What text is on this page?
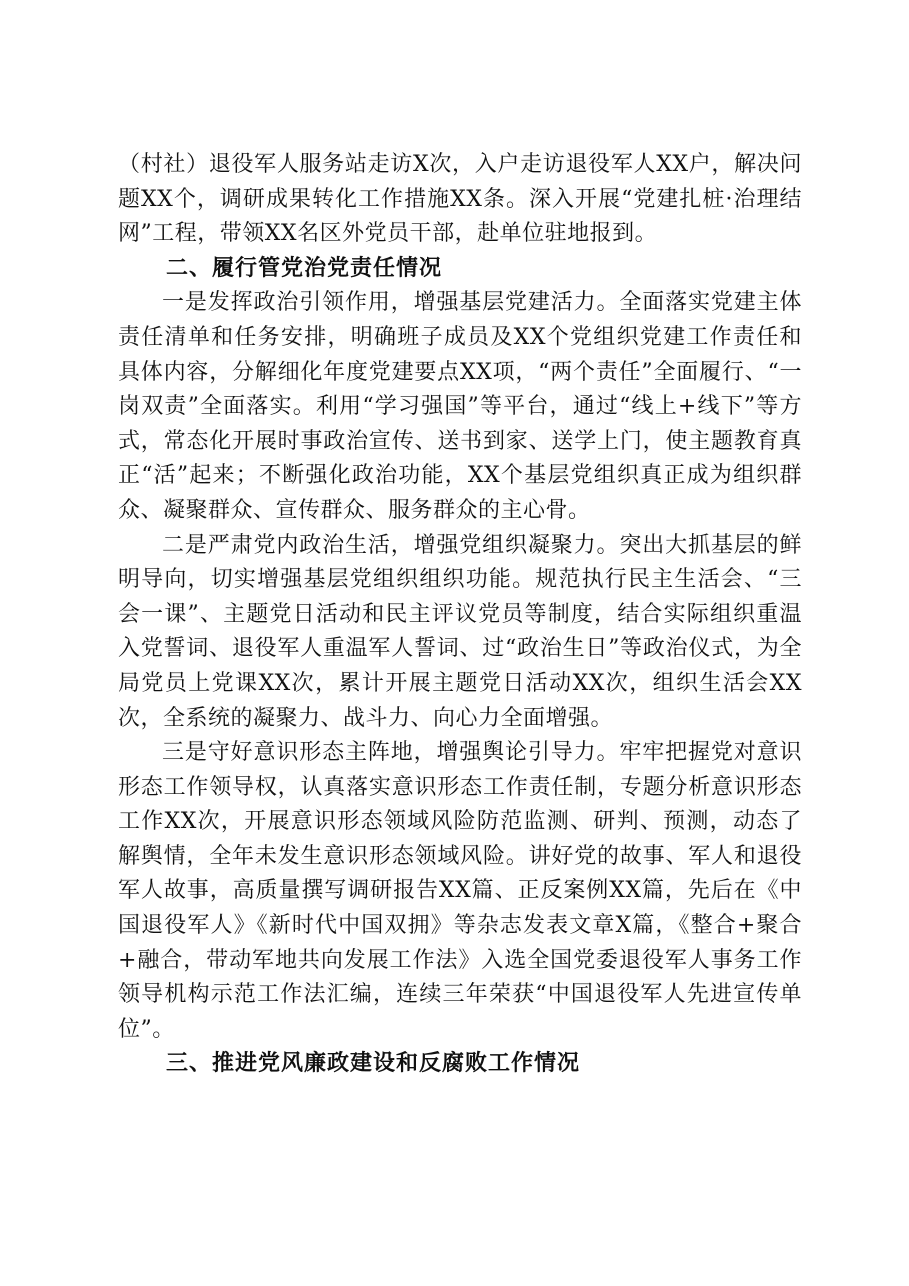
（村社）退役军人服务站走访X次，入户走访退役军人XX户，解决问题XX个，调研成果转化工作措施XX条。深入开展“党建扎桩·治理结网”工程，带领XX名区外党员干部，赴单位驻地报到。

二、履行管党治党责任情况

一是发挥政治引领作用，增强基层党建活力。全面落实党建主体责任清单和任务安排，明确班子成员及XX个党组织党建工作责任和具体内容，分解细化年度党建要点XX项，“两个责任”全面履行、“一岗双责”全面落实。利用“学习强国”等平台，通过“线上+线下”等方式，常态化开展时事政治宣传、送书到家、送学上门，使主题教育真正“活”起来；不断强化政治功能，XX个基层党组织真正成为组织群众、凝聚群众、宣传群众、服务群众的主心骨。

二是严肃党内政治生活，增强党组织凝聚力。突出大抓基层的鲜明导向，切实增强基层党组织组织功能。规范执行民主生活会、“三会一课”、主题党日活动和民主评议党员等制度，结合实际组织重温入党誓词、退役军人重温军人誓词、过“政治生日”等政治仪式，为全局党员上党课XX次，累计开展主题党日活动XX次，组织生活会XX次，全系统的凝聚力、战斗力、向心力全面增强。

三是守好意识形态主阵地，增强舆论引导力。牢牢把握党对意识形态工作领导权，认真落实意识形态工作责任制，专题分析意识形态工作XX次，开展意识形态领域风险防范监测、研判、预测，动态了解舆情，全年未发生意识形态领域风险。讲好党的故事、军人和退役军人故事，高质量撰写调研报告XX篇、正反案例XX篇，先后在《中国退役军人》《新时代中国双拥》等杂志发表文章X篇，《整合+聚合+融合，带动军地共向发展工作法》入选全国党委退役军人事务工作领导机构示范工作法汇编，连续三年荣获“中国退役军人先进宣传单位”。

三、推进党风廉政建设和反腐败工作情况
